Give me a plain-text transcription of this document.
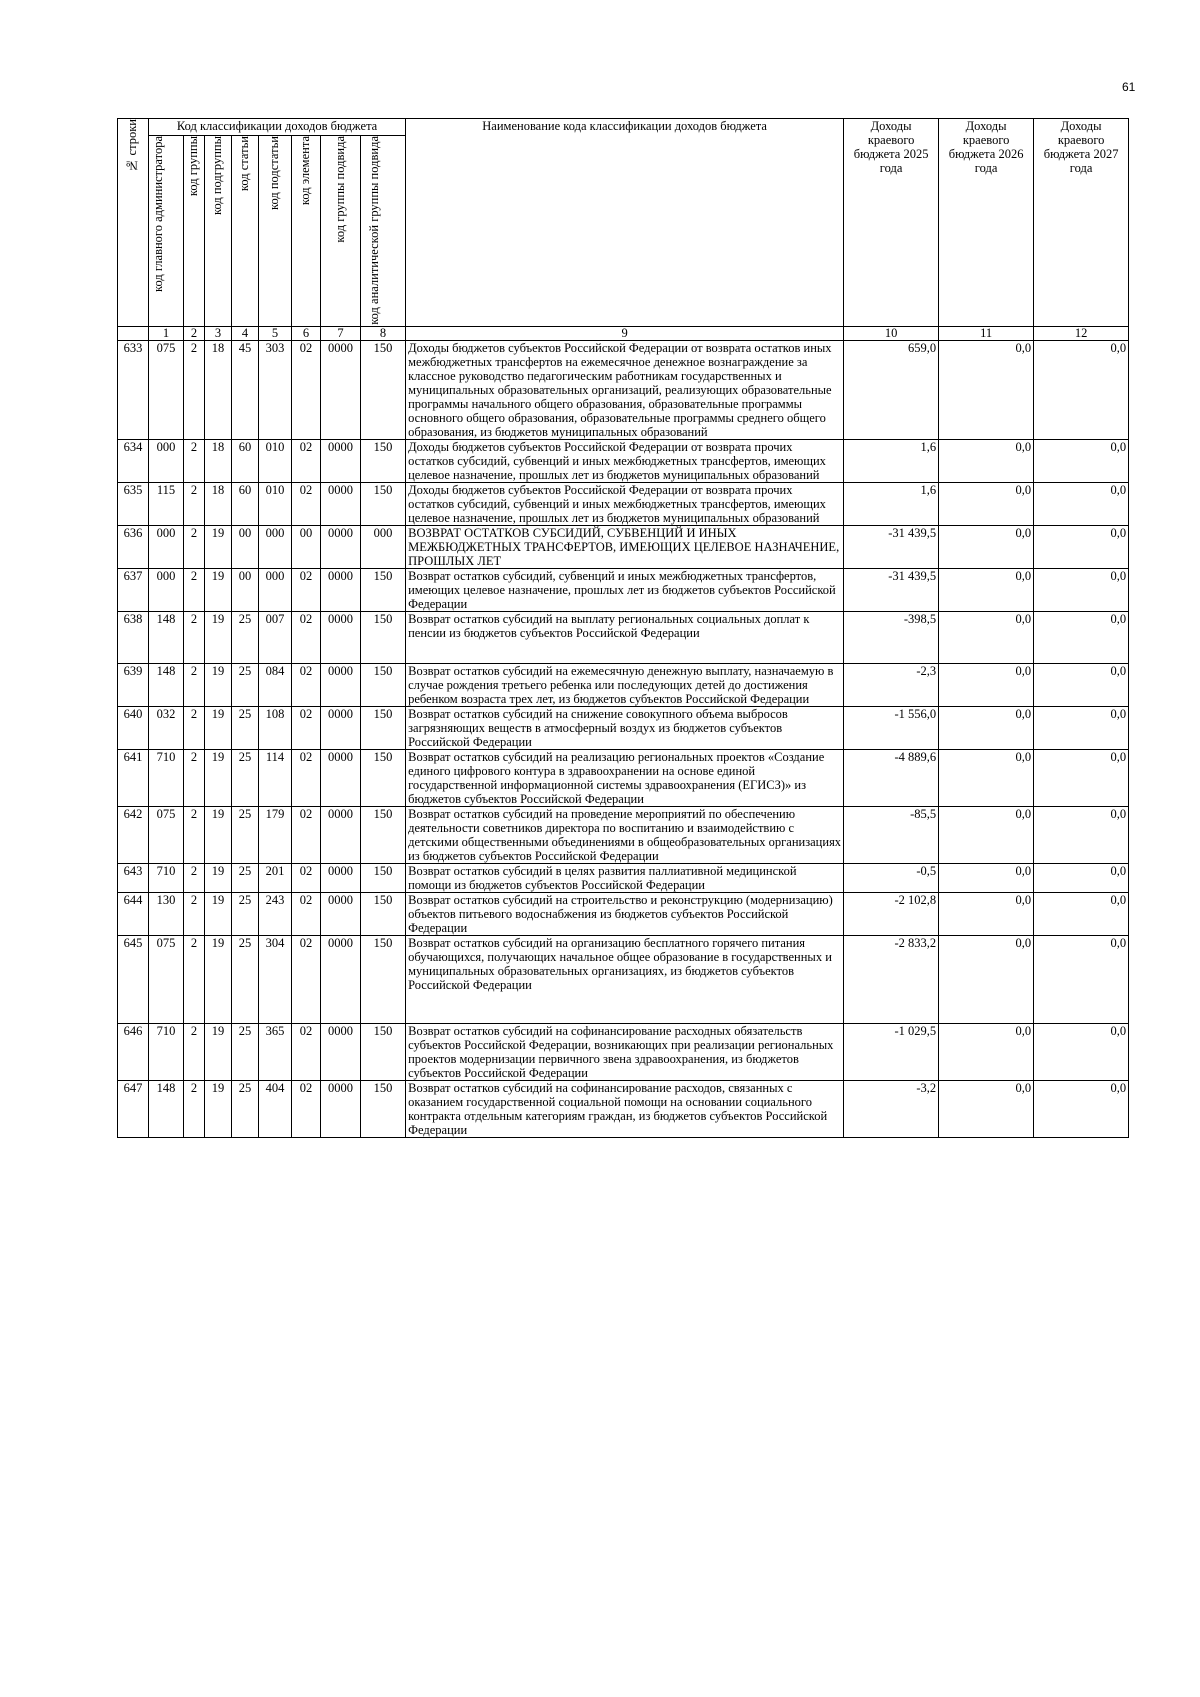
61
№ строки	Код классификации доходов бюджета								Наименование кода классификации доходов бюджета	Доходы краевого бюджета 2025 года	Доходы краевого бюджета 2026 года	Доходы краевого бюджета 2027 года

	код главного администратора	код группы	код подгруппы	код статьи	код подстатьи	код элемента	код группы подвида	код аналитической группы подвида				

	1	2	3	4	5	6	7	8	9	10	11	12
633	075	2	18	45	303	02	0000	150	Доходы бюджетов субъектов Российской Федерации от возврата остатков иных межбюджетных трансфертов на ежемесячное денежное вознаграждение за классное руководство педагогическим работникам государственных и муниципальных образовательных организаций, реализующих образовательные программы начального общего образования, образовательные программы основного общего образования, образовательные программы среднего общего образования, из бюджетов муниципальных образований	659,0	0,0	0,0
634	000	2	18	60	010	02	0000	150	Доходы бюджетов субъектов Российской Федерации от возврата прочих остатков субсидий, субвенций и иных межбюджетных трансфертов, имеющих целевое назначение, прошлых лет из бюджетов муниципальных образований	1,6	0,0	0,0
635	115	2	18	60	010	02	0000	150	Доходы бюджетов субъектов Российской Федерации от возврата прочих остатков субсидий, субвенций и иных межбюджетных трансфертов, имеющих целевое назначение, прошлых лет из бюджетов муниципальных образований	1,6	0,0	0,0
636	000	2	19	00	000	00	0000	000	ВОЗВРАТ ОСТАТКОВ СУБСИДИЙ, СУБВЕНЦИЙ И ИНЫХ МЕЖБЮДЖЕТНЫХ ТРАНСФЕРТОВ, ИМЕЮЩИХ ЦЕЛЕВОЕ НАЗНАЧЕНИЕ, ПРОШЛЫХ ЛЕТ	-31 439,5	0,0	0,0
637	000	2	19	00	000	02	0000	150	Возврат остатков субсидий, субвенций и иных межбюджетных трансфертов, имеющих целевое назначение, прошлых лет из бюджетов субъектов Российской Федерации	-31 439,5	0,0	0,0
638	148	2	19	25	007	02	0000	150	Возврат остатков субсидий на выплату региональных социальных доплат к пенсии из бюджетов субъектов Российской Федерации	-398,5	0,0	0,0
639	148	2	19	25	084	02	0000	150	Возврат остатков субсидий на ежемесячную денежную выплату, назначаемую в случае рождения третьего ребенка или последующих детей до достижения ребенком возраста трех лет, из бюджетов субъектов Российской Федерации	-2,3	0,0	0,0
640	032	2	19	25	108	02	0000	150	Возврат остатков субсидий на снижение совокупного объема выбросов загрязняющих веществ в атмосферный воздух из бюджетов субъектов Российской Федерации	-1 556,0	0,0	0,0
641	710	2	19	25	114	02	0000	150	Возврат остатков субсидий на реализацию региональных проектов «Создание единого цифрового контура в здравоохранении на основе единой государственной информационной системы здравоохранения (ЕГИСЗ)» из бюджетов субъектов Российской Федерации	-4 889,6	0,0	0,0
642	075	2	19	25	179	02	0000	150	Возврат остатков субсидий на проведение мероприятий по обеспечению деятельности советников директора по воспитанию и взаимодействию с детскими общественными объединениями в общеобразовательных организациях из бюджетов субъектов Российской Федерации	-85,5	0,0	0,0
643	710	2	19	25	201	02	0000	150	Возврат остатков субсидий в целях развития паллиативной медицинской помощи из бюджетов субъектов Российской Федерации	-0,5	0,0	0,0
644	130	2	19	25	243	02	0000	150	Возврат остатков субсидий на строительство и реконструкцию (модернизацию) объектов питьевого водоснабжения из бюджетов субъектов Российской Федерации	-2 102,8	0,0	0,0
645	075	2	19	25	304	02	0000	150	Возврат остатков субсидий на организацию бесплатного горячего питания обучающихся, получающих начальное общее образование в государственных и муниципальных образовательных организациях, из бюджетов субъектов Российской Федерации	-2 833,2	0,0	0,0
646	710	2	19	25	365	02	0000	150	Возврат остатков субсидий на софинансирование расходных обязательств субъектов Российской Федерации, возникающих при реализации региональных проектов модернизации первичного звена здравоохранения, из бюджетов субъектов Российской Федерации	-1 029,5	0,0	0,0
647	148	2	19	25	404	02	0000	150	Возврат остатков субсидий на софинансирование расходов, связанных с оказанием государственной социальной помощи на основании социального контракта отдельным категориям граждан, из бюджетов субъектов Российской Федерации	-3,2	0,0	0,0
